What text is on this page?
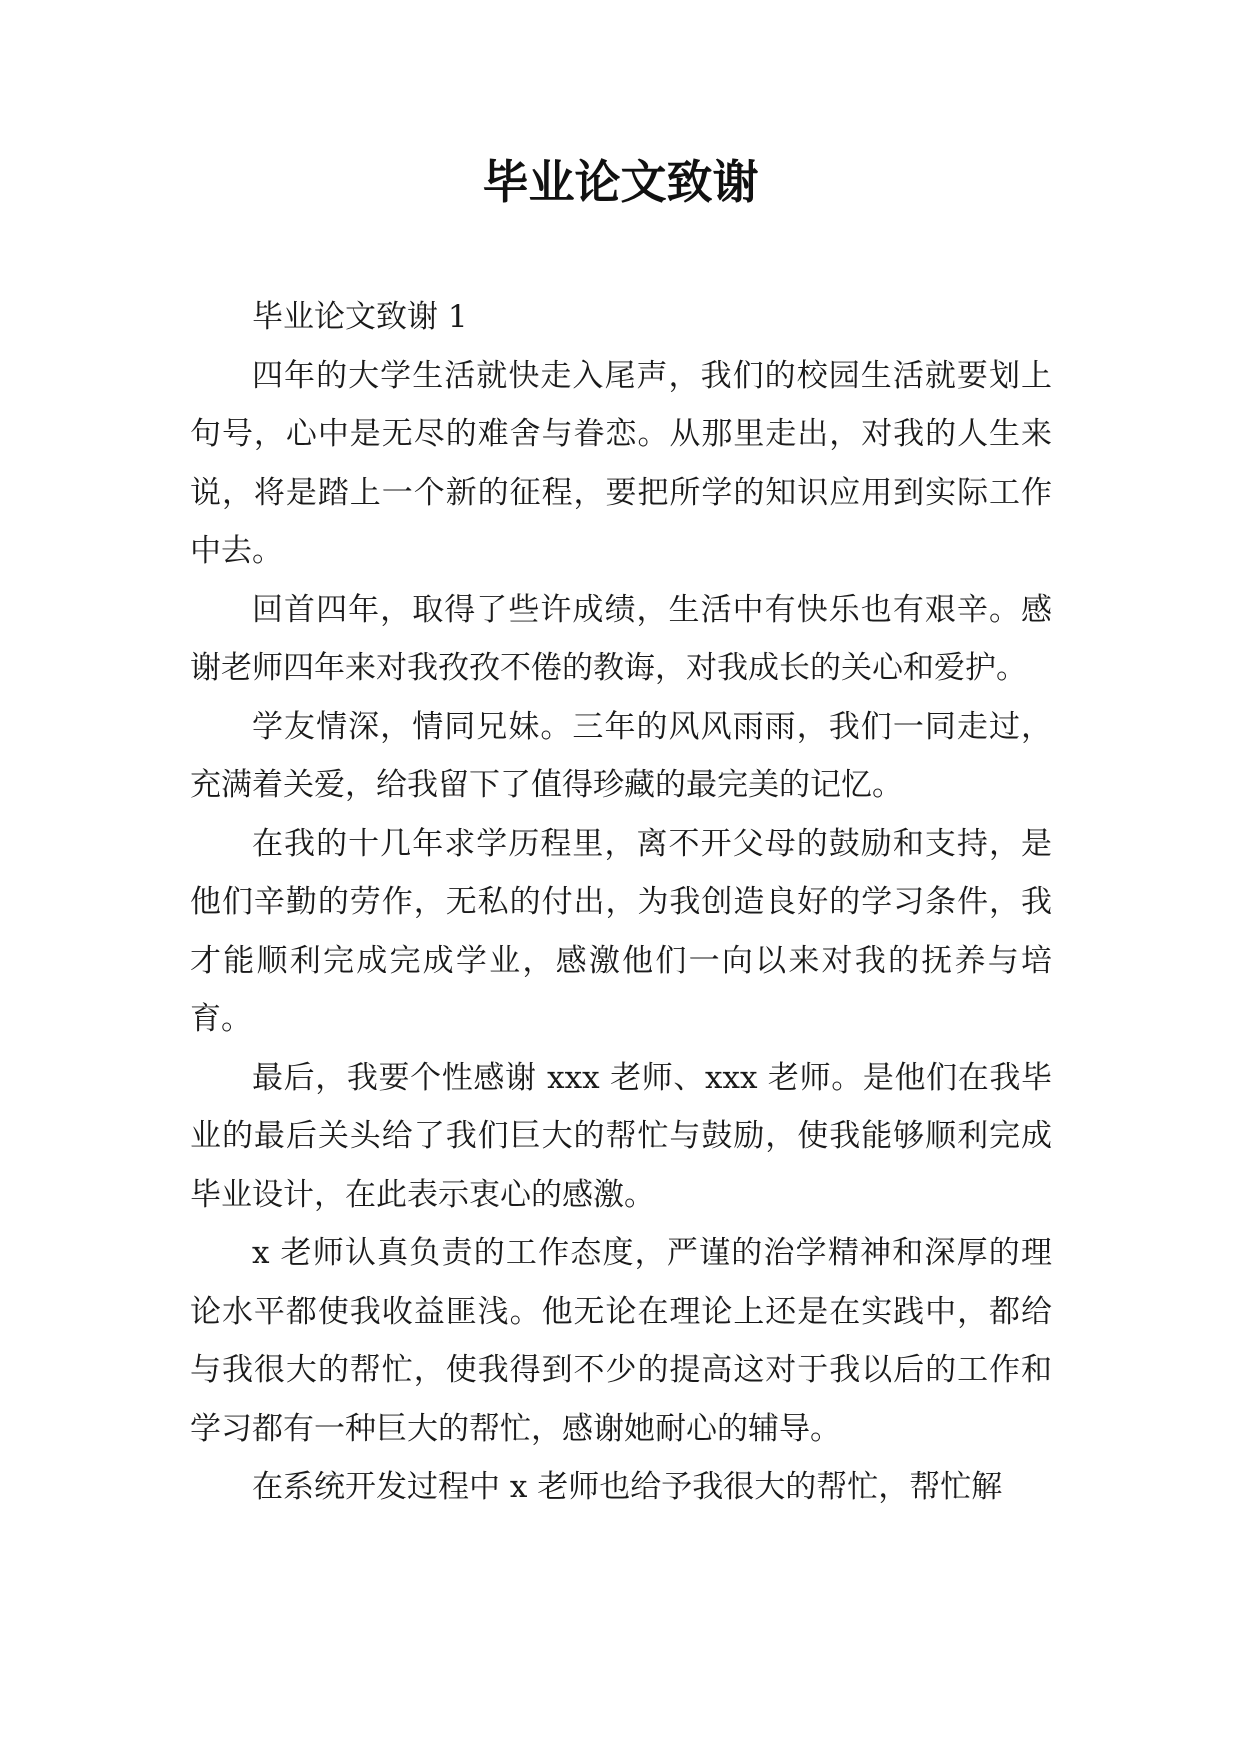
毕业论文致谢

毕业论文致谢 1

四年的大学生活就快走入尾声，我们的校园生活就要划上句号，心中是无尽的难舍与眷恋。从那里走出，对我的人生来说，将是踏上一个新的征程，要把所学的知识应用到实际工作中去。

回首四年，取得了些许成绩，生活中有快乐也有艰辛。感谢老师四年来对我孜孜不倦的教诲，对我成长的关心和爱护。

学友情深，情同兄妹。三年的风风雨雨，我们一同走过，充满着关爱，给我留下了值得珍藏的最完美的记忆。

在我的十几年求学历程里，离不开父母的鼓励和支持，是他们辛勤的劳作，无私的付出，为我创造良好的学习条件，我才能顺利完成完成学业，感激他们一向以来对我的抚养与培育。

最后，我要个性感谢 xxx 老师、xxx 老师。是他们在我毕业的最后关头给了我们巨大的帮忙与鼓励，使我能够顺利完成毕业设计，在此表示衷心的感激。

x 老师认真负责的工作态度，严谨的治学精神和深厚的理论水平都使我收益匪浅。他无论在理论上还是在实践中，都给与我很大的帮忙，使我得到不少的提高这对于我以后的工作和学习都有一种巨大的帮忙，感谢她耐心的辅导。

在系统开发过程中 x 老师也给予我很大的帮忙，帮忙解
